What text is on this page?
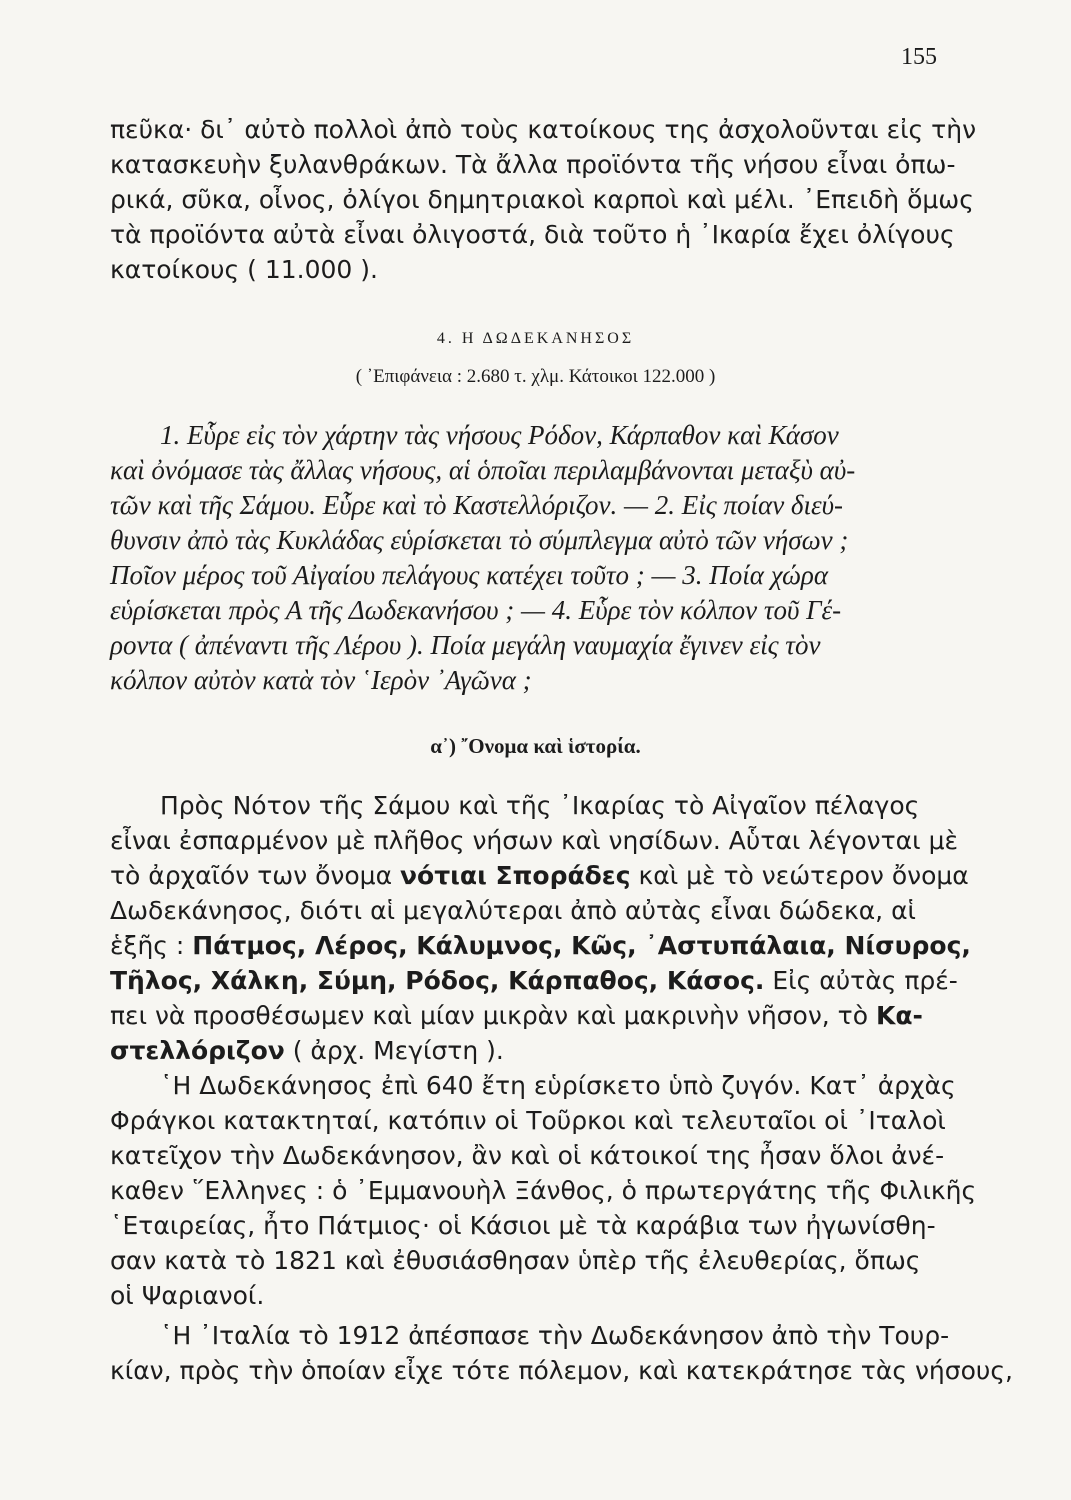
155
πεῦκα· δι᾽ αὐτὸ πολλοὶ ἀπὸ τοὺς κατοίκους της ἀσχολοῦνται εἰς τὴν
κατασκευὴν ξυλανθράκων. Τὰ ἄλλα προϊόντα τῆς νήσου εἶναι ὀπω-
ρικά, σῦκα, οἶνος, ὀλίγοι δημητριακοὶ καρποὶ καὶ μέλι. ᾿Επειδὴ ὅμως
τὰ προϊόντα αὐτὰ εἶναι ὀλιγοστά, διὰ τοῦτο ἡ ᾿Ικαρία ἔχει ὀλίγους
κατοίκους ( 11.000 ).
4. Η ΔΩΔΕΚΑΝΗΣΟΣ
( ᾿Επιφάνεια : 2.680 τ. χλμ. Κάτοικοι 122.000 )
1. Εὗρε εἰς τὸν χάρτην τὰς νήσους Ρόδον, Κάρπαθον καὶ Κάσον
καὶ ὀνόμασε τὰς ἄλλας νήσους, αἱ ὁποῖαι περιλαμβάνονται μεταξὺ αὐ-
τῶν καὶ τῆς Σάμου. Εὗρε καὶ τὸ Καστελλόριζον. — 2. Εἰς ποίαν διεύ-
θυνσιν ἀπὸ τὰς Κυκλάδας εὑρίσκεται τὸ σύμπλεγμα αὐτὸ τῶν νήσων ;
Ποῖον μέρος τοῦ Αἰγαίου πελάγους κατέχει τοῦτο ; — 3. Ποία χώρα
εὑρίσκεται πρὸς Α τῆς Δωδεκανήσου ; — 4. Εὗρε τὸν κόλπον τοῦ Γέ-
ροντα ( ἀπέναντι τῆς Λέρου ). Ποία μεγάλη ναυμαχία ἔγινεν εἰς τὸν
κόλπον αὐτὸν κατὰ τὸν ῾Ιερὸν ᾿Αγῶνα ;
α᾽) ῎Ονομα καὶ ἱστορία.
Πρὸς Νότον τῆς Σάμου καὶ τῆς ᾿Ικαρίας τὸ Αἰγαῖον πέλαγος
εἶναι ἐσπαρμένον μὲ πλῆθος νήσων καὶ νησίδων. Αὗται λέγονται μὲ
τὸ ἀρχαῖόν των ὄνομα νότιαι Σποράδες καὶ μὲ τὸ νεώτερον ὄνομα
Δωδεκάνησος, διότι αἱ μεγαλύτεραι ἀπὸ αὐτὰς εἶναι δώδεκα, αἱ
ἑξῆς : Πάτμος, Λέρος, Κάλυμνος, Κῶς, ᾿Αστυπάλαια, Νίσυρος,
Τῆλος, Χάλκη, Σύμη, Ρόδος, Κάρπαθος, Κάσος. Εἰς αὐτὰς πρέ-
πει νὰ προσθέσωμεν καὶ μίαν μικρὰν καὶ μακρινὴν νῆσον, τὸ Κα-
στελλόριζον ( ἀρχ. Μεγίστη ).
῾Η Δωδεκάνησος ἐπὶ 640 ἔτη εὑρίσκετο ὑπὸ ζυγόν. Κατ᾽ ἀρχὰς
Φράγκοι κατακτηταί, κατόπιν οἱ Τοῦρκοι καὶ τελευταῖοι οἱ ᾿Ιταλοὶ
κατεῖχον τὴν Δωδεκάνησον, ἂν καὶ οἱ κάτοικοί της ἦσαν ὅλοι ἀνέ-
καθεν ῞Ελληνες : ὁ ᾿Εμμανουὴλ Ξάνθος, ὁ πρωτεργάτης τῆς Φιλικῆς
῾Εταιρείας, ἦτο Πάτμιος· οἱ Κάσιοι μὲ τὰ καράβια των ἠγωνίσθη-
σαν κατὰ τὸ 1821 καὶ ἐθυσιάσθησαν ὑπὲρ τῆς ἐλευθερίας, ὅπως
οἱ Ψαριανοί.
῾Η ᾿Ιταλία τὸ 1912 ἀπέσπασε τὴν Δωδεκάνησον ἀπὸ τὴν Τουρ-
κίαν, πρὸς τὴν ὁποίαν εἶχε τότε πόλεμον, καὶ κατεκράτησε τὰς νήσους,
